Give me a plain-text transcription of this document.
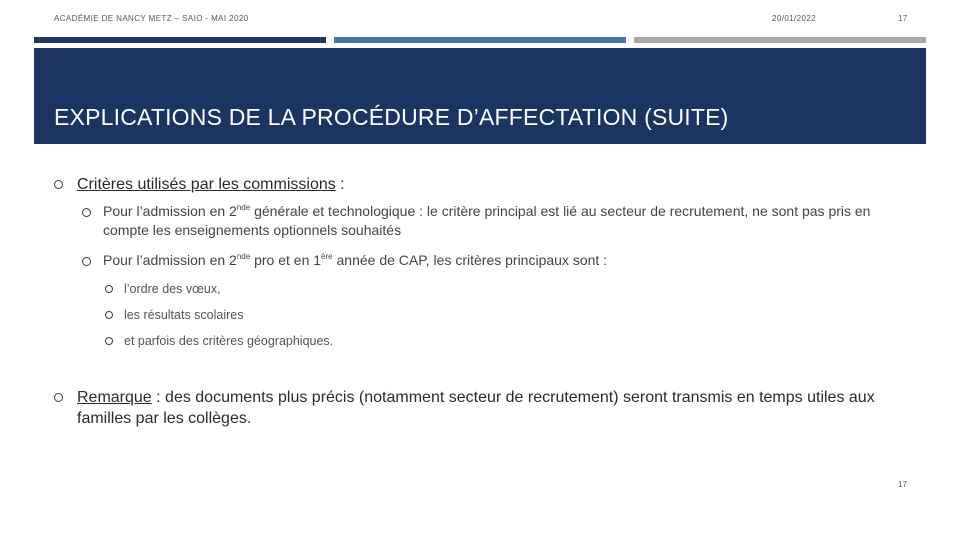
ACADÉMIE DE NANCY METZ – SAIO - MAI 2020	20/01/2022	17
EXPLICATIONS DE LA PROCÉDURE D’AFFECTATION (SUITE)
Critères utilisés par les commissions :
Pour l’admission en 2nde générale et technologique : le critère principal est lié au secteur de recrutement, ne sont pas pris en compte les enseignements optionnels souhaités
Pour l’admission en 2nde pro et en 1ère année de CAP, les critères principaux sont :
l’ordre des vœux,
les résultats scolaires
et parfois des critères géographiques.
Remarque : des documents plus précis (notamment secteur de recrutement) seront transmis en temps utiles aux familles par les collèges.
17
